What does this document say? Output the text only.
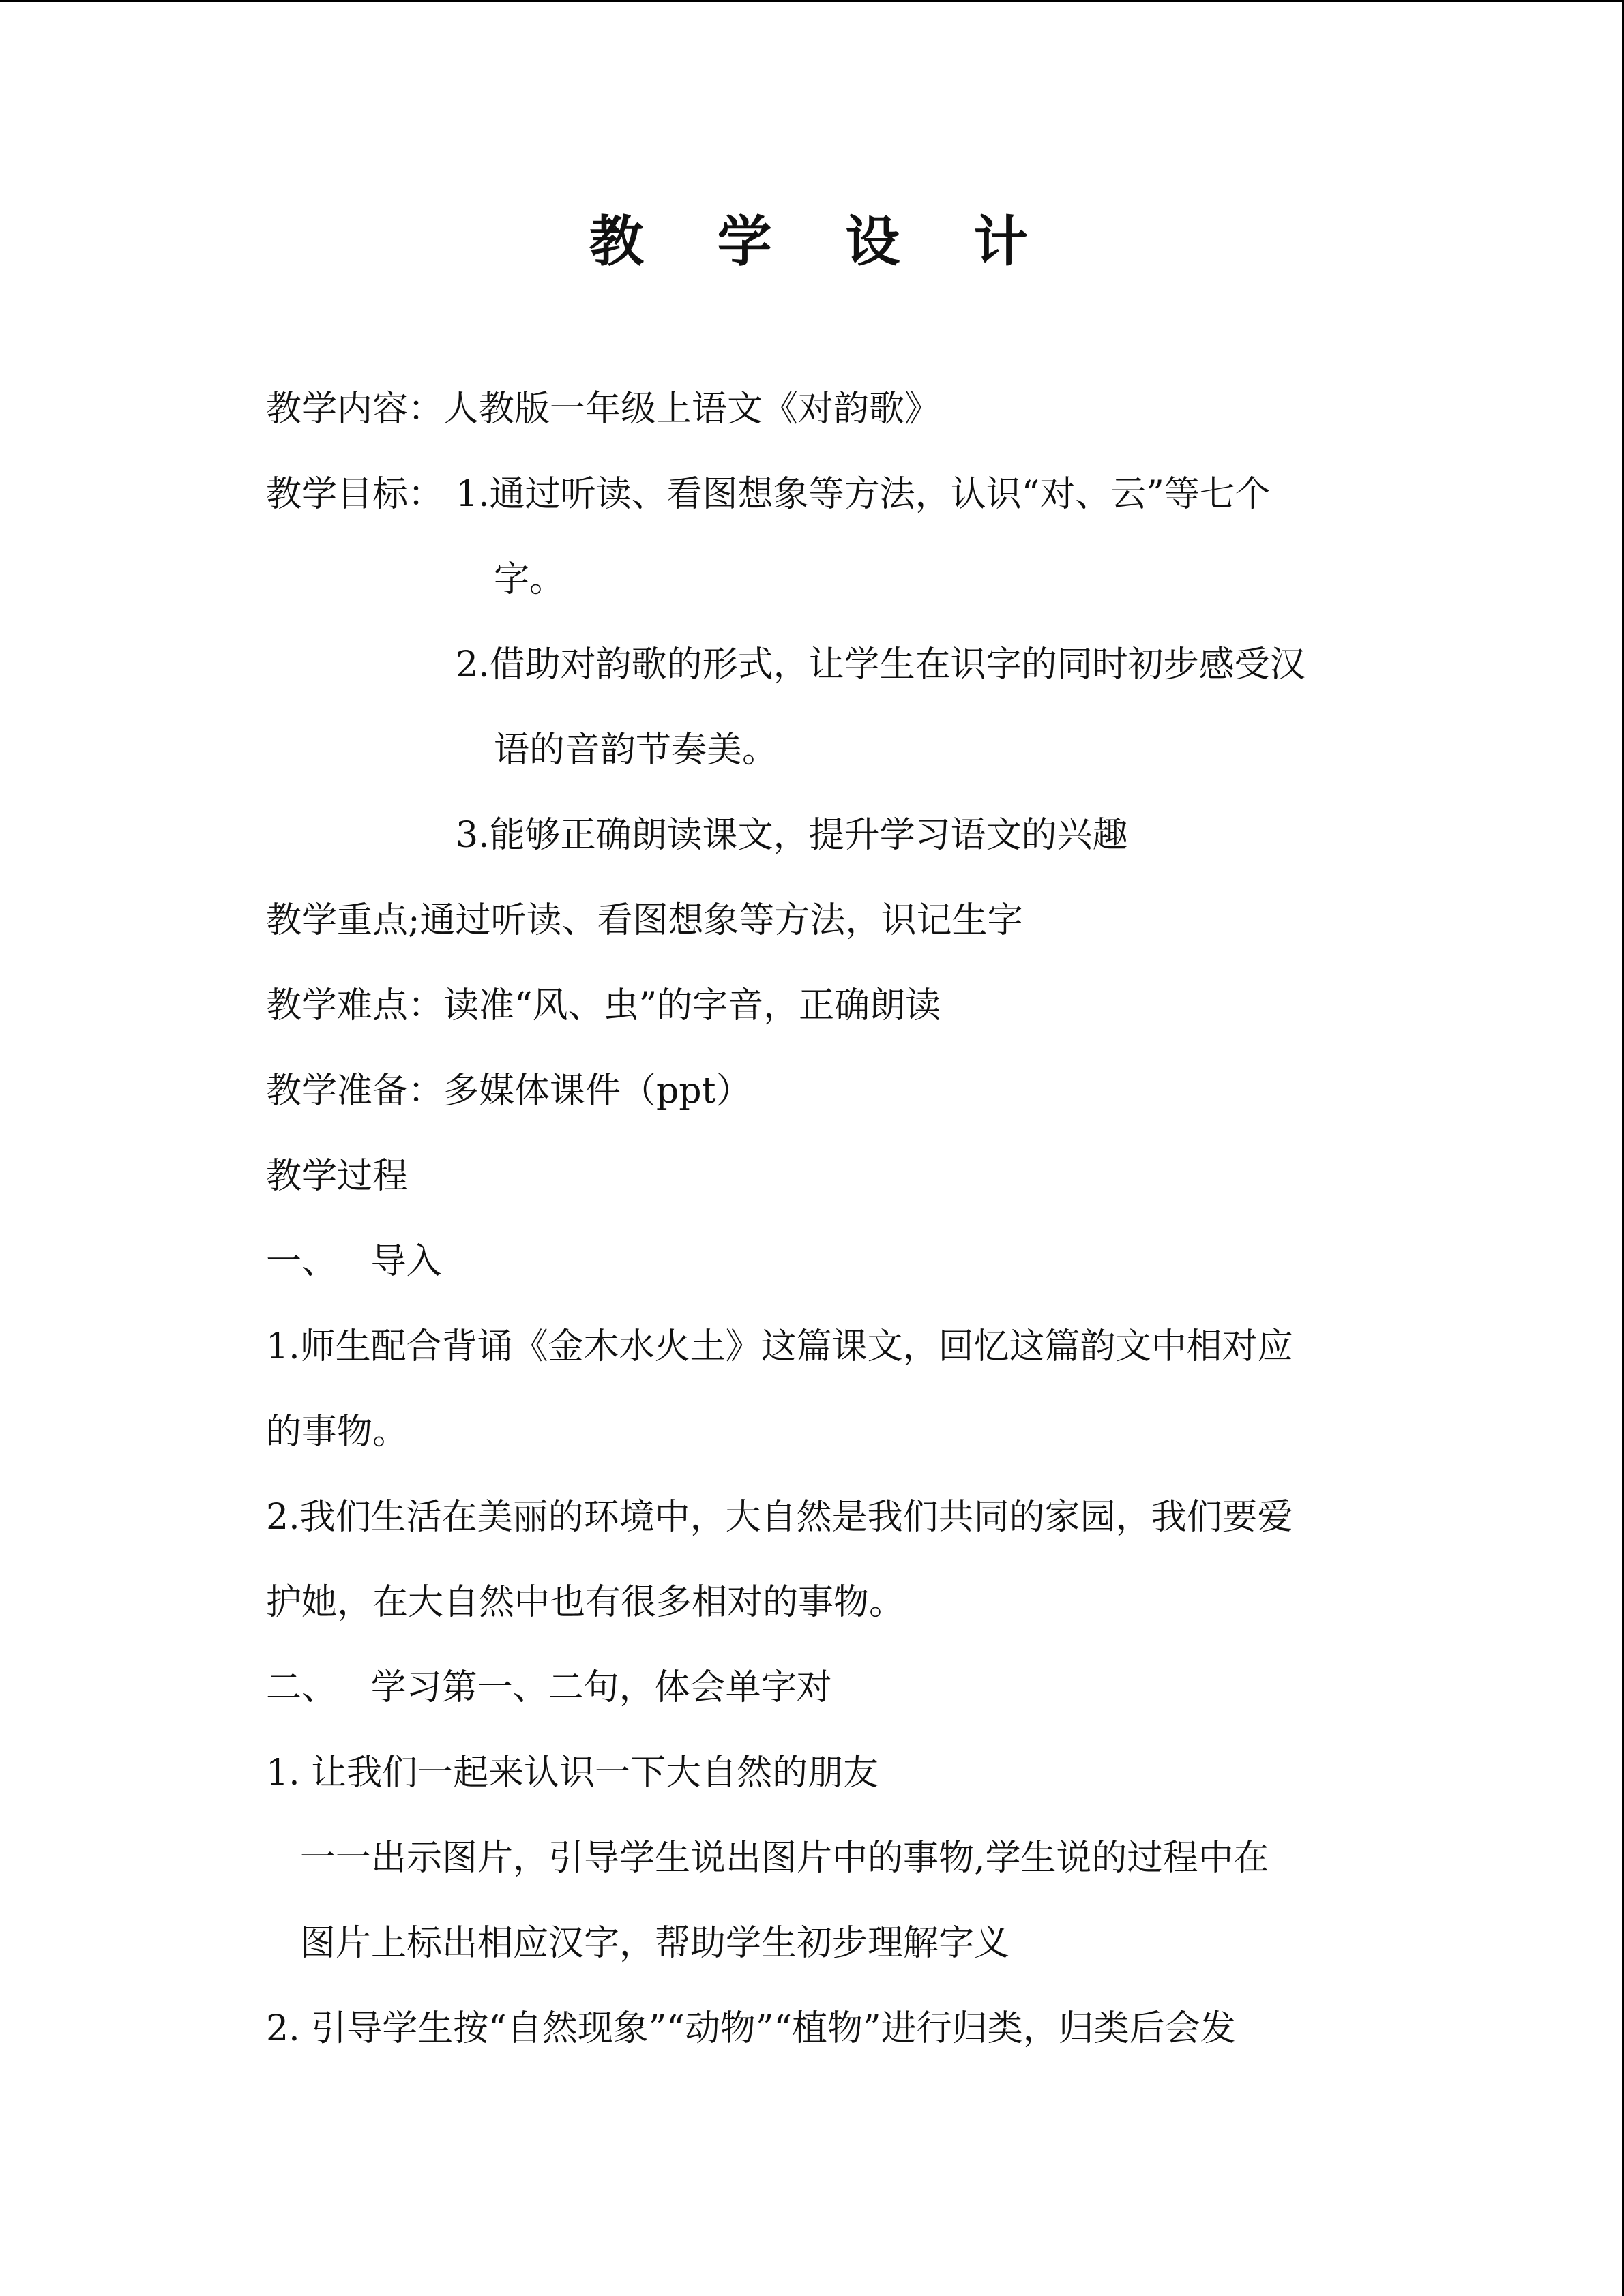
教 学 设 计
教学内容：人教版一年级上语文《对韵歌》
教学目标： 1.通过听读、看图想象等方法，认识“对、云”等七个
字。
2.借助对韵歌的形式，让学生在识字的同时初步感受汉
语的音韵节奏美。
3.能够正确朗读课文，提升学习语文的兴趣
教学重点;通过听读、看图想象等方法，识记生字
教学难点：读准“风、虫”的字音，正确朗读
教学准备：多媒体课件（ppt）
教学过程
一、   导入
1.师生配合背诵《金木水火土》这篇课文，回忆这篇韵文中相对应
的事物。
2.我们生活在美丽的环境中，大自然是我们共同的家园，我们要爱
护她，在大自然中也有很多相对的事物。
二、   学习第一、二句，体会单字对
1. 让我们一起来认识一下大自然的朋友
一一出示图片，引导学生说出图片中的事物,学生说的过程中在
图片上标出相应汉字，帮助学生初步理解字义
2. 引导学生按“自然现象”“动物”“植物”进行归类，归类后会发
